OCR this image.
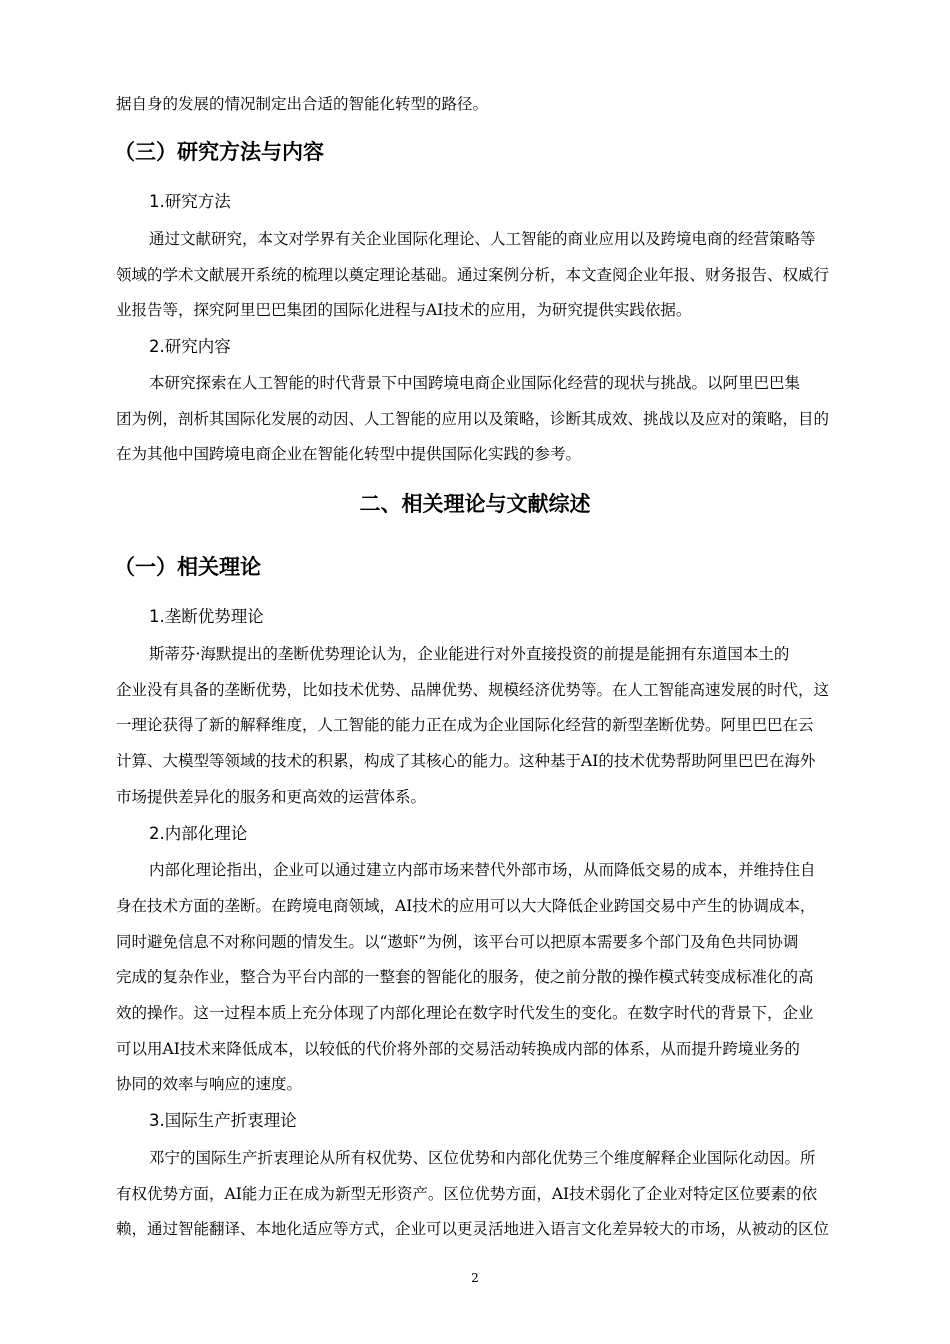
据自身的发展的情况制定出合适的智能化转型的路径。
（三）研究方法与内容
1.研究方法
通过文献研究，本文对学界有关企业国际化理论、人工智能的商业应用以及跨境电商的经营策略等
领域的学术文献展开系统的梳理以奠定理论基础。通过案例分析，本文查阅企业年报、财务报告、权威行
业报告等，探究阿里巴巴集团的国际化进程与AI技术的应用，为研究提供实践依据。
2.研究内容
本研究探索在人工智能的时代背景下中国跨境电商企业国际化经营的现状与挑战。以阿里巴巴集
团为例，剖析其国际化发展的动因、人工智能的应用以及策略，诊断其成效、挑战以及应对的策略，目的
在为其他中国跨境电商企业在智能化转型中提供国际化实践的参考。
二、相关理论与文献综述
（一）相关理论
1.垄断优势理论
斯蒂芬·海默提出的垄断优势理论认为，企业能进行对外直接投资的前提是能拥有东道国本土的
企业没有具备的垄断优势，比如技术优势、品牌优势、规模经济优势等。在人工智能高速发展的时代，这
一理论获得了新的解释维度，人工智能的能力正在成为企业国际化经营的新型垄断优势。阿里巴巴在云
计算、大模型等领域的技术的积累，构成了其核心的能力。这种基于AI的技术优势帮助阿里巴巴在海外
市场提供差异化的服务和更高效的运营体系。
2.内部化理论
内部化理论指出，企业可以通过建立内部市场来替代外部市场，从而降低交易的成本，并维持住自
身在技术方面的垄断。在跨境电商领域，AI技术的应用可以大大降低企业跨国交易中产生的协调成本，
同时避免信息不对称问题的情发生。以“遨虾”为例，该平台可以把原本需要多个部门及角色共同协调
完成的复杂作业，整合为平台内部的一整套的智能化的服务，使之前分散的操作模式转变成标准化的高
效的操作。这一过程本质上充分体现了内部化理论在数字时代发生的变化。在数字时代的背景下，企业
可以用AI技术来降低成本，以较低的代价将外部的交易活动转换成内部的体系，从而提升跨境业务的
协同的效率与响应的速度。
3.国际生产折衷理论
邓宁的国际生产折衷理论从所有权优势、区位优势和内部化优势三个维度解释企业国际化动因。所
有权优势方面，AI能力正在成为新型无形资产。区位优势方面，AI技术弱化了企业对特定区位要素的依
赖，通过智能翻译、本地化适应等方式，企业可以更灵活地进入语言文化差异较大的市场，从被动的区位
2
